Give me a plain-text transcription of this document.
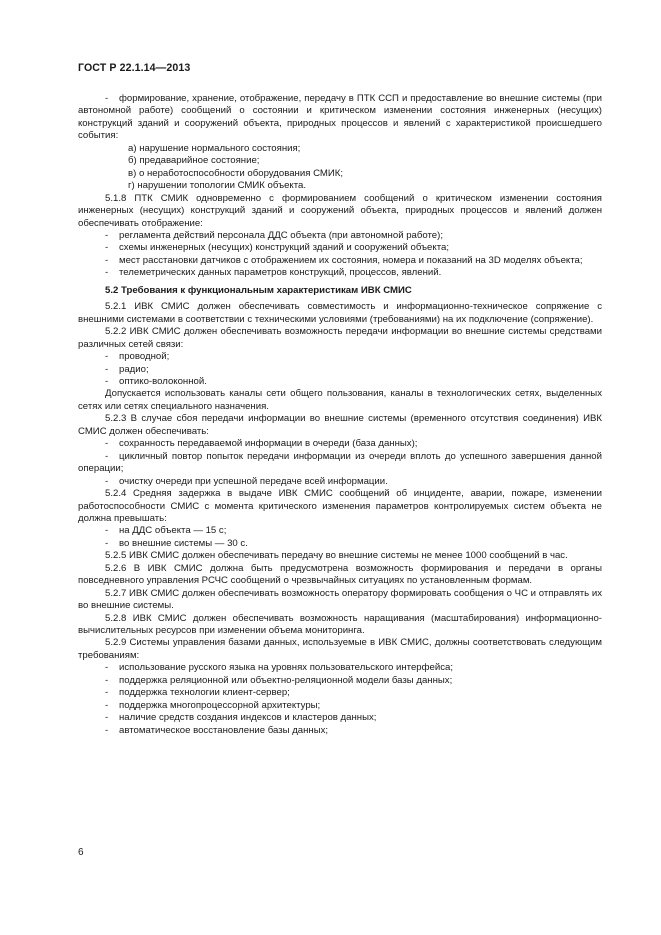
ГОСТ Р 22.1.14—2013

- формирование, хранение, отображение, передачу в ПТК ССП и предоставление во внешние системы (при автономной работе) сообщений о состоянии и критическом изменении состояния инженерных (несущих) конструкций зданий и сооружений объекта, природных процессов и явлений с характеристикой происшедшего события:

а) нарушение нормального состояния;

б) предаварийное состояние;

в) о неработоспособности оборудования СМИК;

г) нарушении топологии СМИК объекта.

5.1.8 ПТК СМИК одновременно с формированием сообщений о критическом изменении состояния инженерных (несущих) конструкций зданий и сооружений объекта, природных процессов и явлений должен обеспечивать отображение:

- регламента действий персонала ДДС объекта (при автономной работе);

- схемы инженерных (несущих) конструкций зданий и сооружений объекта;

- мест расстановки датчиков с отображением их состояния, номера и показаний на 3D моделях объекта;

- телеметрических данных параметров конструкций, процессов, явлений.

5.2 Требования к функциональным характеристикам ИВК СМИС

5.2.1 ИВК СМИС должен обеспечивать совместимость и информационно-техническое сопряжение с внешними системами в соответствии с техническими условиями (требованиями) на их подключение (сопряжение).

5.2.2 ИВК СМИС должен обеспечивать возможность передачи информации во внешние системы средствами различных сетей связи:

- проводной;

- радио;

- оптико-волоконной.

Допускается использовать каналы сети общего пользования, каналы в технологических сетях, выделенных сетях или сетях специального назначения.

5.2.3 В случае сбоя передачи информации во внешние системы (временного отсутствия соединения) ИВК СМИС должен обеспечивать:

- сохранность передаваемой информации в очереди (база данных);

- цикличный повтор попыток передачи информации из очереди вплоть до успешного завершения данной операции;

- очистку очереди при успешной передаче всей информации.

5.2.4 Средняя задержка в выдаче ИВК СМИС сообщений об инциденте, аварии, пожаре, изменении работоспособности СМИС с момента критического изменения параметров контролируемых систем объекта не должна превышать:

- на ДДС объекта — 15 с;

- во внешние системы — 30 с.

5.2.5 ИВК СМИС должен обеспечивать передачу во внешние системы не менее 1000 сообщений в час.

5.2.6 В ИВК СМИС должна быть предусмотрена возможность формирования и передачи в органы повседневного управления РСЧС сообщений о чрезвычайных ситуациях по установленным формам.

5.2.7 ИВК СМИС должен обеспечивать возможность оператору формировать сообщения о ЧС и отправлять их во внешние системы.

5.2.8 ИВК СМИС должен обеспечивать возможность наращивания (масштабирования) информационно-вычислительных ресурсов при изменении объема мониторинга.

5.2.9 Системы управления базами данных, используемые в ИВК СМИС, должны соответствовать следующим требованиям:

- использование русского языка на уровнях пользовательского интерфейса;

- поддержка реляционной или объектно-реляционной модели базы данных;

- поддержка технологии клиент-сервер;

- поддержка многопроцессорной архитектуры;

- наличие средств создания индексов и кластеров данных;

- автоматическое восстановление базы данных;

6
